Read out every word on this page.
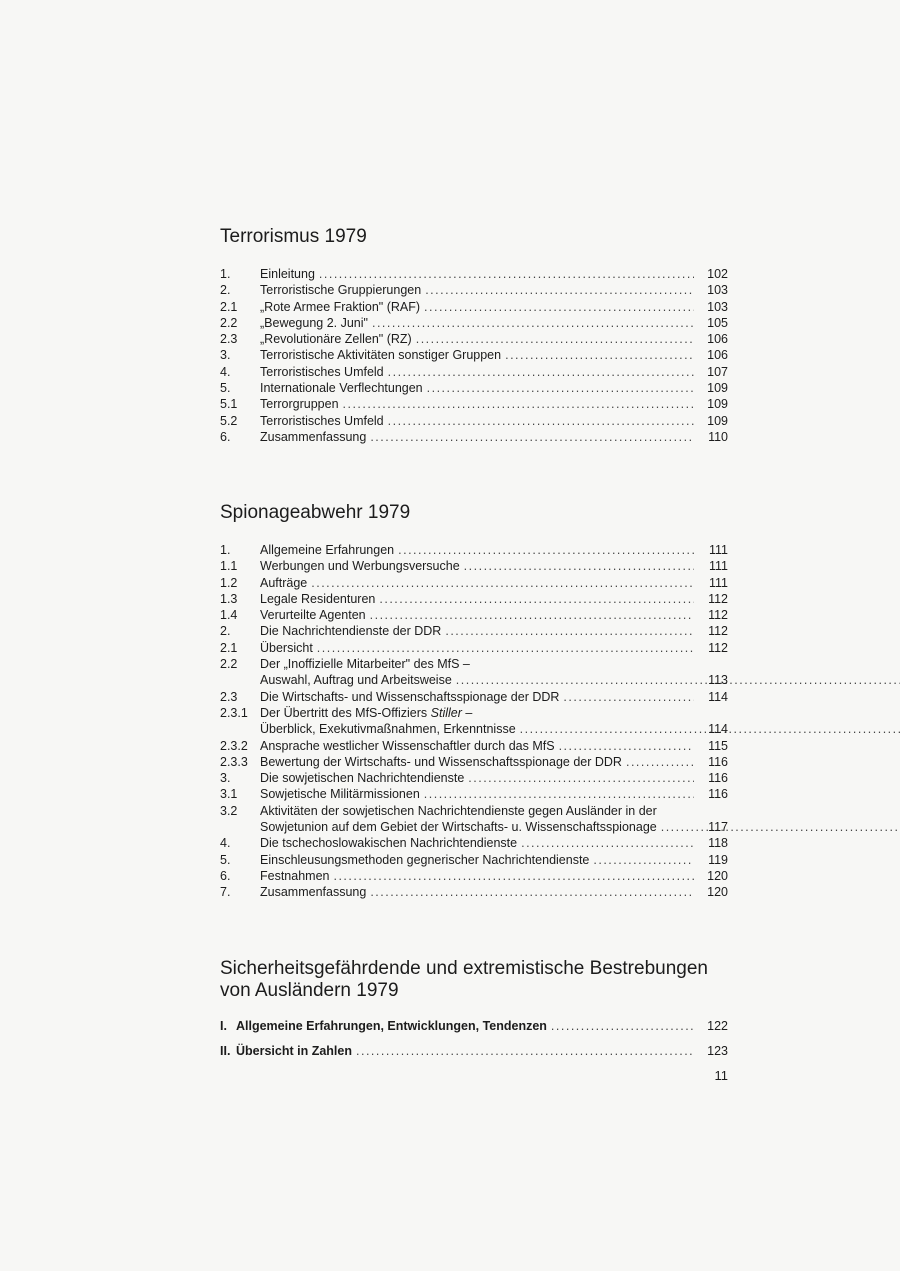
Terrorismus 1979
1.	Einleitung .....	102
2.	Terroristische Gruppierungen .....	103
2.1	„Rote Armee Fraktion" (RAF) .....	103
2.2	„Bewegung 2. Juni" .....	105
2.3	„Revolutionäre Zellen" (RZ) .....	106
3.	Terroristische Aktivitäten sonstiger Gruppen .....	106
4.	Terroristisches Umfeld .....	107
5.	Internationale Verflechtungen .....	109
5.1	Terrorgruppen .....	109
5.2	Terroristisches Umfeld .....	109
6.	Zusammenfassung .....	110
Spionageabwehr 1979
1.	Allgemeine Erfahrungen .....	111
1.1	Werbungen und Werbungsversuche .....	111
1.2	Aufträge .....	111
1.3	Legale Residenturen .....	112
1.4	Verurteilte Agenten .....	112
2.	Die Nachrichtendienste der DDR .....	112
2.1	Übersicht .....	112
2.2	Der „Inoffizielle Mitarbeiter" des MfS –
Auswahl, Auftrag und Arbeitsweise .....	113
2.3	Die Wirtschafts- und Wissenschaftsspionage der DDR .....	114
2.3.1 Der Übertritt des MfS-Offiziers Stiller –
Überblick, Exekutivmaßnahmen, Erkenntnisse .....	114
2.3.2 Ansprache westlicher Wissenschaftler durch das MfS .....	115
2.3.3 Bewertung der Wirtschafts- und Wissenschaftsspionage der DDR .....	116
3.	Die sowjetischen Nachrichtendienste .....	116
3.1	Sowjetische Militärmissionen .....	116
3.2	Aktivitäten der sowjetischen Nachrichtendienste gegen Ausländer in der
Sowjetunion auf dem Gebiet der Wirtschafts- u. Wissenschaftsspionage .....	117
4.	Die tschechoslowakischen Nachrichtendienste .....	118
5.	Einschleusungsmethoden gegnerischer Nachrichtendienste .....	119
6.	Festnahmen .....	120
7.	Zusammenfassung .....	120
Sicherheitsgefährdende und extremistische Bestrebungen
von Ausländern 1979
I. Allgemeine Erfahrungen, Entwicklungen, Tendenzen .....	122
II. Übersicht in Zahlen .....	123
11
